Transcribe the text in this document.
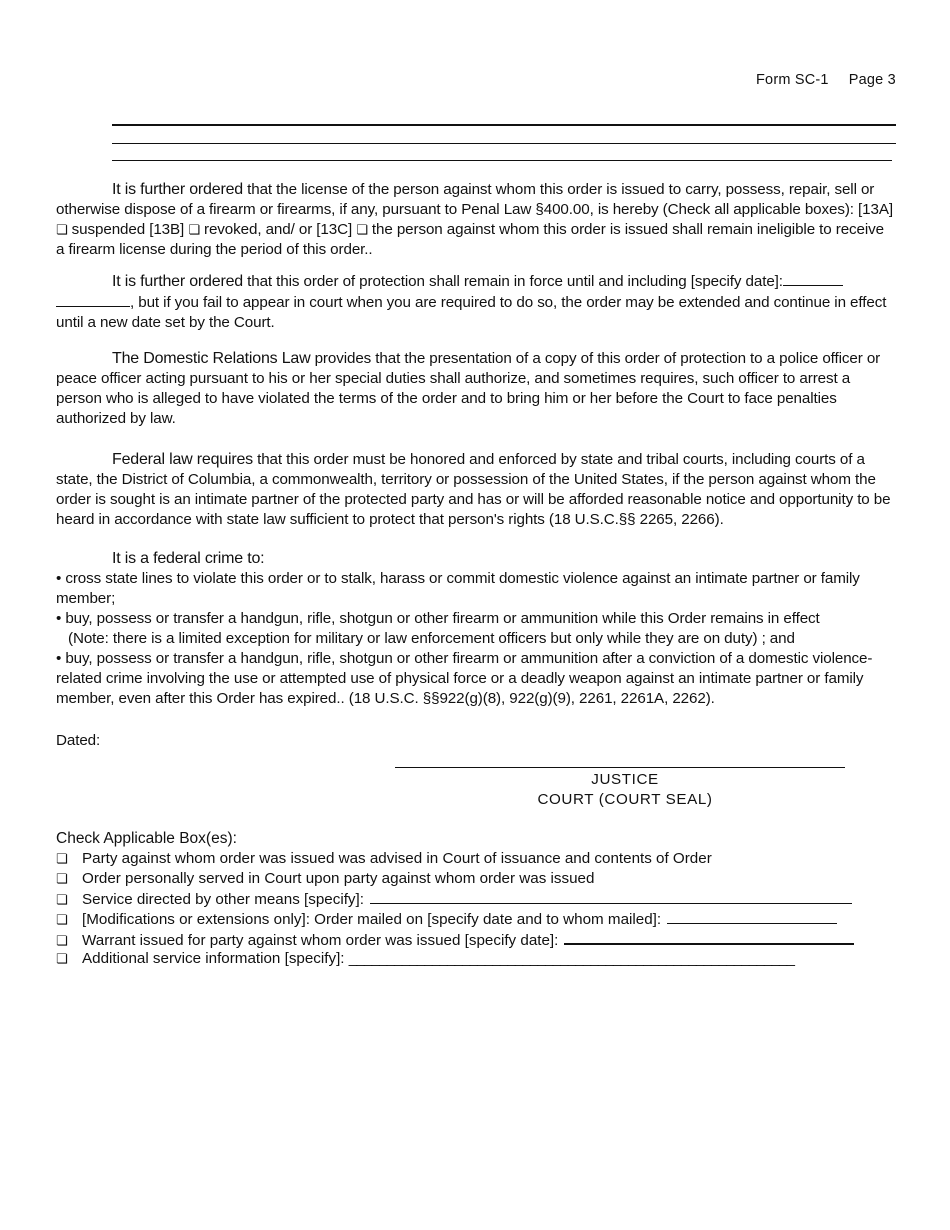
Form SC-1 Page 3
It is further ordered that the license of the person against whom this order is issued to carry, possess, repair, sell or otherwise dispose of a firearm or firearms, if any, pursuant to Penal Law §400.00, is hereby (Check all applicable boxes): [13A] ❏ suspended [13B] ❏ revoked, and/ or [13C] ❏ the person against whom this order is issued shall remain ineligible to receive a firearm license during the period of this order..
It is further ordered that this order of protection shall remain in force until and including [specify date]:
, but if you fail to appear in court when you are required to do so, the order may be extended and continue in effect until a new date set by the Court.
The Domestic Relations Law provides that the presentation of a copy of this order of protection to a police officer or peace officer acting pursuant to his or her special duties shall authorize, and sometimes requires, such officer to arrest a person who is alleged to have violated the terms of the order and to bring him or her before the Court to face penalties authorized by law.
Federal law requires that this order must be honored and enforced by state and tribal courts, including courts of a state, the District of Columbia, a commonwealth, territory or possession of the United States, if the person against whom the order is sought is an intimate partner of the protected party and has or will be afforded reasonable notice and opportunity to be heard in accordance with state law sufficient to protect that person's rights (18 U.S.C.§§ 2265, 2266).
It is a federal crime to:
• cross state lines to violate this order or to stalk, harass or commit domestic violence against an intimate partner or family member;
• buy, possess or transfer a handgun, rifle, shotgun or other firearm or ammunition while this Order remains in effect
(Note: there is a limited exception for military or law enforcement officers but only while they are on duty) ; and
• buy, possess or transfer a handgun, rifle, shotgun or other firearm or ammunition after a conviction of a domestic violence-related crime involving the use or attempted use of physical force or a deadly weapon against an intimate partner or family member, even after this Order has expired.. (18 U.S.C. §§922(g)(8), 922(g)(9), 2261, 2261A, 2262).
Dated:
JUSTICE
COURT (COURT SEAL)
Check Applicable Box(es):
❏ Party against whom order was issued was advised in Court of issuance and contents of Order
❏ Order personally served in Court upon party against whom order was issued
❏ Service directed by other means [specify]:
❏ [Modifications or extensions only]: Order mailed on [specify date and to whom mailed]:
❏ Warrant issued for party against whom order was issued [specify date]:
❏ Additional service information [specify]: ___________________________________________________________
